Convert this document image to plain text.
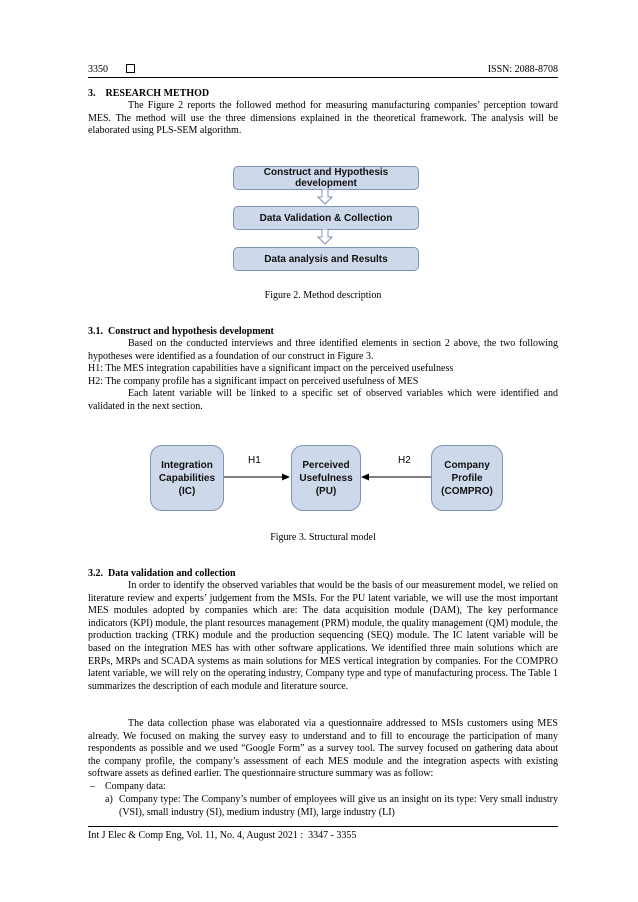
3350	ISSN: 2088-8708
3.    RESEARCH METHOD

The Figure 2 reports the followed method for measuring manufacturing companies’ perception toward MES. The method will use the three dimensions explained in the theoretical framework. The analysis will be elaborated using PLS-SEM algorithm.

Construct and Hypothesis development
Data Validation & Collection
Data analysis and Results
Figure 2. Method description
3.1.  Construct and hypothesis development

Based on the conducted interviews and three identified elements in section 2 above, the two following hypotheses were identified as a foundation of our construct in Figure 3.

H1: The MES integration capabilities have a significant impact on the perceived usefulness
H2: The company profile has a significant impact on perceived usefulness of MES

Each latent variable will be linked to a specific set of observed variables which were identified and validated in the next section.

Integration
Capabilities
(IC)
Perceived
Usefulness
(PU)
Company
Profile
(COMPRO)
H1	H2
Figure 3. Structural model
3.2.  Data validation and collection

In order to identify the observed variables that would be the basis of our measurement model, we relied on literature review and experts’ judgement from the MSIs. For the PU latent variable, we will use the most important MES modules adopted by companies which are: The data acquisition module (DAM), The key performance indicators (KPI) module, the plant resources management (PRM) module, the quality management (QM) module, the production tracking (TRK) module and the production sequencing (SEQ) module. The IC latent variable will be based on the integration MES has with other software applications. We identified three main solutions which are ERPs, MRPs and SCADA systems as main solutions for MES vertical integration by companies. For the COMPRO latent variable, we will rely on the operating industry, Company type and type of manufacturing process. The Table 1 summarizes the description of each module and literature source.

The data collection phase was elaborated via a questionnaire addressed to MSIs customers using MES already. We focused on making the survey easy to understand and to fill to encourage the participation of many respondents as possible and we used “Google Form” as a survey tool. The survey focused on gathering data about the company profile, the company’s assessment of each MES module and the integration aspects with existing software assets as defined earlier. The questionnaire structure summary was as follow:

– Company data:
a) Company type: The Company’s number of employees will give us an insight on its type: Very small industry (VSI), small industry (SI), medium industry (MI), large industry (LI)
Int J Elec & Comp Eng, Vol. 11, No. 4, August 2021 :  3347 - 3355
